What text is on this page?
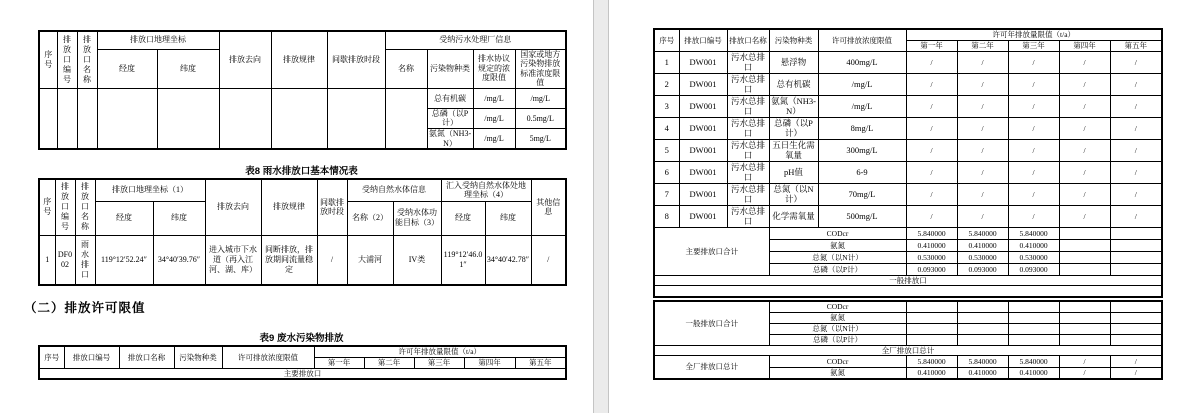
序号	排放口编号	排放口名称	排放口地理坐标		排放去向	排放规律	间歇排放时段	受纳污水处理厂信息			
			经度	纬度				名称	污染物种类	排水协议规定的浓度限值	国家或地方污染物排放标准浓度限值
									总有机碳	/mg/L	/mg/L
									总磷（以P计）	/mg/L	0.5mg/L
									氨氮（NH3-N）	/mg/L	5mg/L
表8 雨水排放口基本情况表
序号	排放口编号	排放口名称	排放口地理坐标（1）		排放去向	排放规律	间歇排放时段	受纳自然水体信息		汇入受纳自然水体处地理坐标（4）		其他信息
			经度	纬度				名称（2）	受纳水体功能目标（3）	经度	纬度	
1	DF002	雨水排口	119°12′52.24″	34°40′39.76″	进入城市下水道（再入江河、湖、库）	间断排放，排放期间流量稳定	/	大浦河	IV类	119°12′46.01″	34°40′42.78″	/
（二）排放许可限值
表9 废水污染物排放
序号	排放口编号	排放口名称	污染物种类	许可排放浓度限值	许可年排放量限值（t/a）				
					第一年	第二年	第三年	第四年	第五年
主要排放口									
序号	排放口编号	排放口名称	污染物种类	许可排放浓度限值	许可年排放量限值（t/a）				
					第一年	第二年	第三年	第四年	第五年
1	DW001	污水总排口	悬浮物	400mg/L	/	/	/	/	/
2	DW001	污水总排口	总有机碳	/mg/L	/	/	/	/	/
3	DW001	污水总排口	氨氮（NH3-N）	/mg/L	/	/	/	/	/
4	DW001	污水总排口	总磷（以P计）	8mg/L	/	/	/	/	/
5	DW001	污水总排口	五日生化需氧量	300mg/L	/	/	/	/	/
6	DW001	污水总排口	pH值	6-9	/	/	/	/	/
7	DW001	污水总排口	总氮（以N计）	70mg/L	/	/	/	/	/
8	DW001	污水总排口	化学需氧量	500mg/L	/	/	/	/	/
主要排放口合计			CODcr		5.840000	5.840000	5.840000		
			氨氮		0.410000	0.410000	0.410000		
			总氮（以N计）		0.530000	0.530000	0.530000		
			总磷（以P计）		0.093000	0.093000	0.093000		
一般排放口									

一般排放口合计	CODcr					
	氨氮					
	总氮（以N计）					
	总磷（以P计）					
全厂排放口总计						
全厂排放口总计	CODcr	5.840000	5.840000	5.840000	/	/
	氨氮	0.410000	0.410000	0.410000	/	/
